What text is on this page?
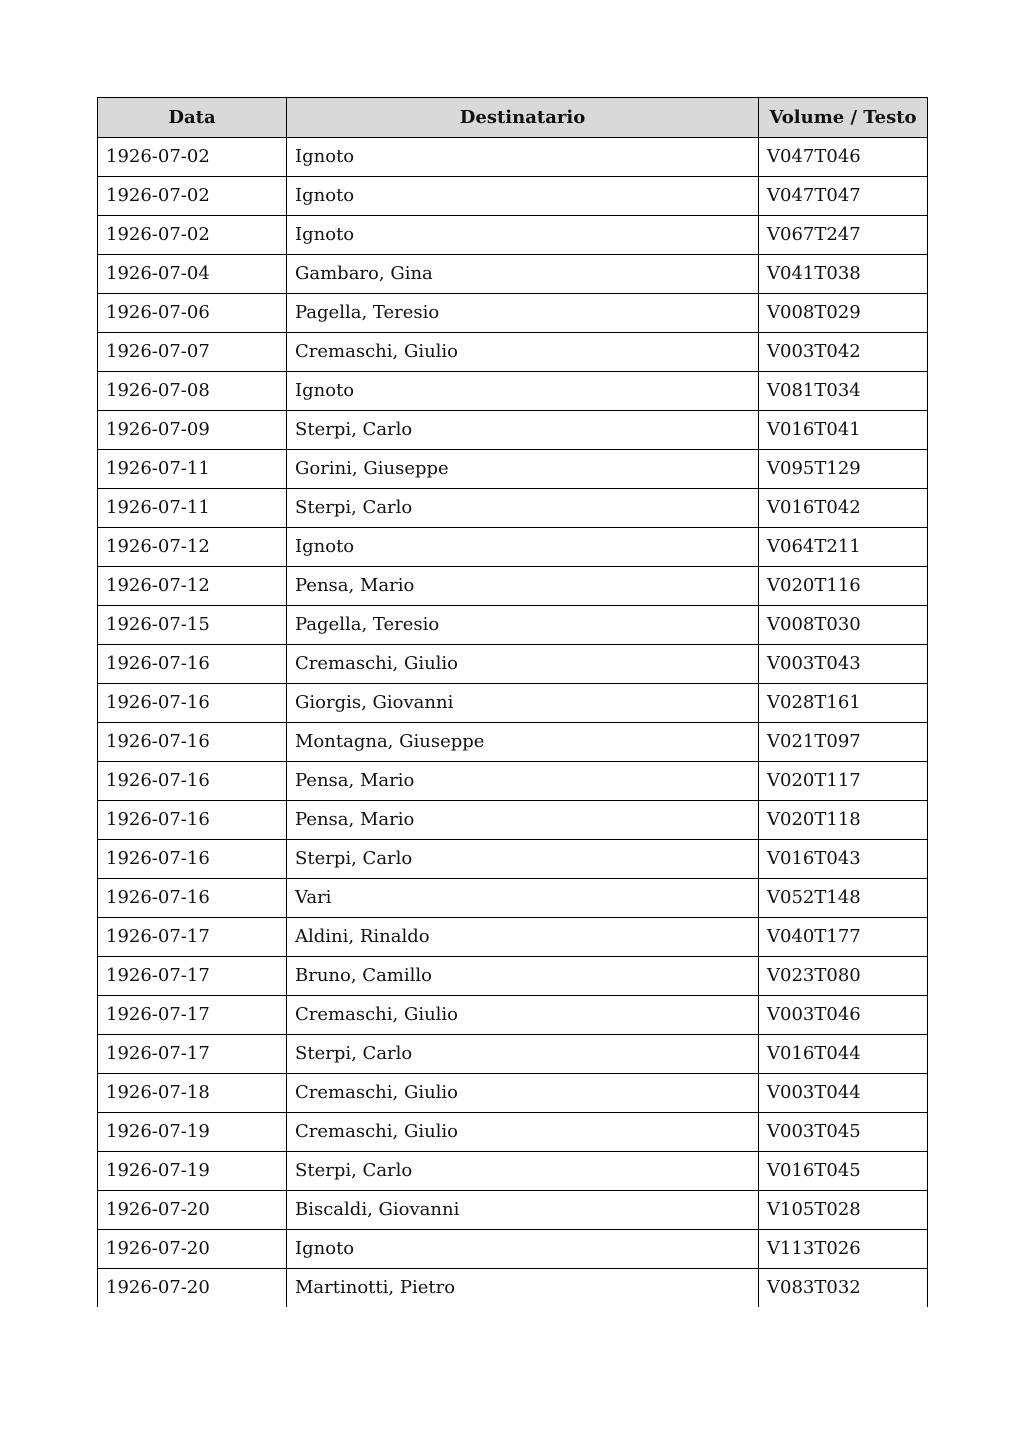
Data	Destinatario	Volume / Testo
1926-07-02	Ignoto	V047T046
1926-07-02	Ignoto	V047T047
1926-07-02	Ignoto	V067T247
1926-07-04	Gambaro, Gina	V041T038
1926-07-06	Pagella, Teresio	V008T029
1926-07-07	Cremaschi, Giulio	V003T042
1926-07-08	Ignoto	V081T034
1926-07-09	Sterpi, Carlo	V016T041
1926-07-11	Gorini, Giuseppe	V095T129
1926-07-11	Sterpi, Carlo	V016T042
1926-07-12	Ignoto	V064T211
1926-07-12	Pensa, Mario	V020T116
1926-07-15	Pagella, Teresio	V008T030
1926-07-16	Cremaschi, Giulio	V003T043
1926-07-16	Giorgis, Giovanni	V028T161
1926-07-16	Montagna, Giuseppe	V021T097
1926-07-16	Pensa, Mario	V020T117
1926-07-16	Pensa, Mario	V020T118
1926-07-16	Sterpi, Carlo	V016T043
1926-07-16	Vari	V052T148
1926-07-17	Aldini, Rinaldo	V040T177
1926-07-17	Bruno, Camillo	V023T080
1926-07-17	Cremaschi, Giulio	V003T046
1926-07-17	Sterpi, Carlo	V016T044
1926-07-18	Cremaschi, Giulio	V003T044
1926-07-19	Cremaschi, Giulio	V003T045
1926-07-19	Sterpi, Carlo	V016T045
1926-07-20	Biscaldi, Giovanni	V105T028
1926-07-20	Ignoto	V113T026
1926-07-20	Martinotti, Pietro	V083T032
